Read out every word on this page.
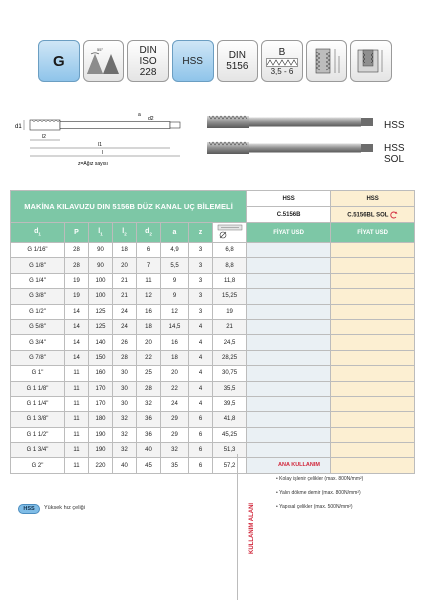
G
55°	DIN
ISO
228
HSS	DIN
5156
B
3,5 - 6
d1
l2
l1
l
a
d2
z=Ağız sayısı
HSS
HSS SOL
MAKİNA KILAVUZU DIN 5156B DÜZ KANAL UÇ BİLEMELİ								HSS	HSS
								C.5156B	C.5156BL SOL
$d_1$	P	$l_1$	$l_2$	$d_2$	a	z		FİYAT USD	FİYAT USD
G 1/16"	28	90	18	6	4,9	3	6,8		
G 1/8"	28	90	20	7	5,5	3	8,8		
G 1/4"	19	100	21	11	9	3	11,8		
G 3/8"	19	100	21	12	9	3	15,25		
G 1/2"	14	125	24	16	12	3	19		
G 5/8"	14	125	24	18	14,5	4	21		
G 3/4"	14	140	26	20	16	4	24,5		
G 7/8"	14	150	28	22	18	4	28,25		
G 1"	11	160	30	25	20	4	30,75		
G 1 1/8"	11	170	30	28	22	4	35,5		
G 1 1/4"	11	170	30	32	24	4	39,5		
G 1 3/8"	11	180	32	36	29	6	41,8		
G 1 1/2"	11	190	32	36	29	6	45,25		
G 1 3/4"	11	190	32	40	32	6	51,3		
G 2"	11	220	40	45	35	6	57,2		
HSS	Yüksek hız çeliği	KULLANIM ALANI
ANA KULLANIM
• Kolay işlenir çelikler (max. 800N/mm²)
• Yalın dökme demir (max. 800N/mm²)
• Yapısal çelikler (max. 500N/mm²)
